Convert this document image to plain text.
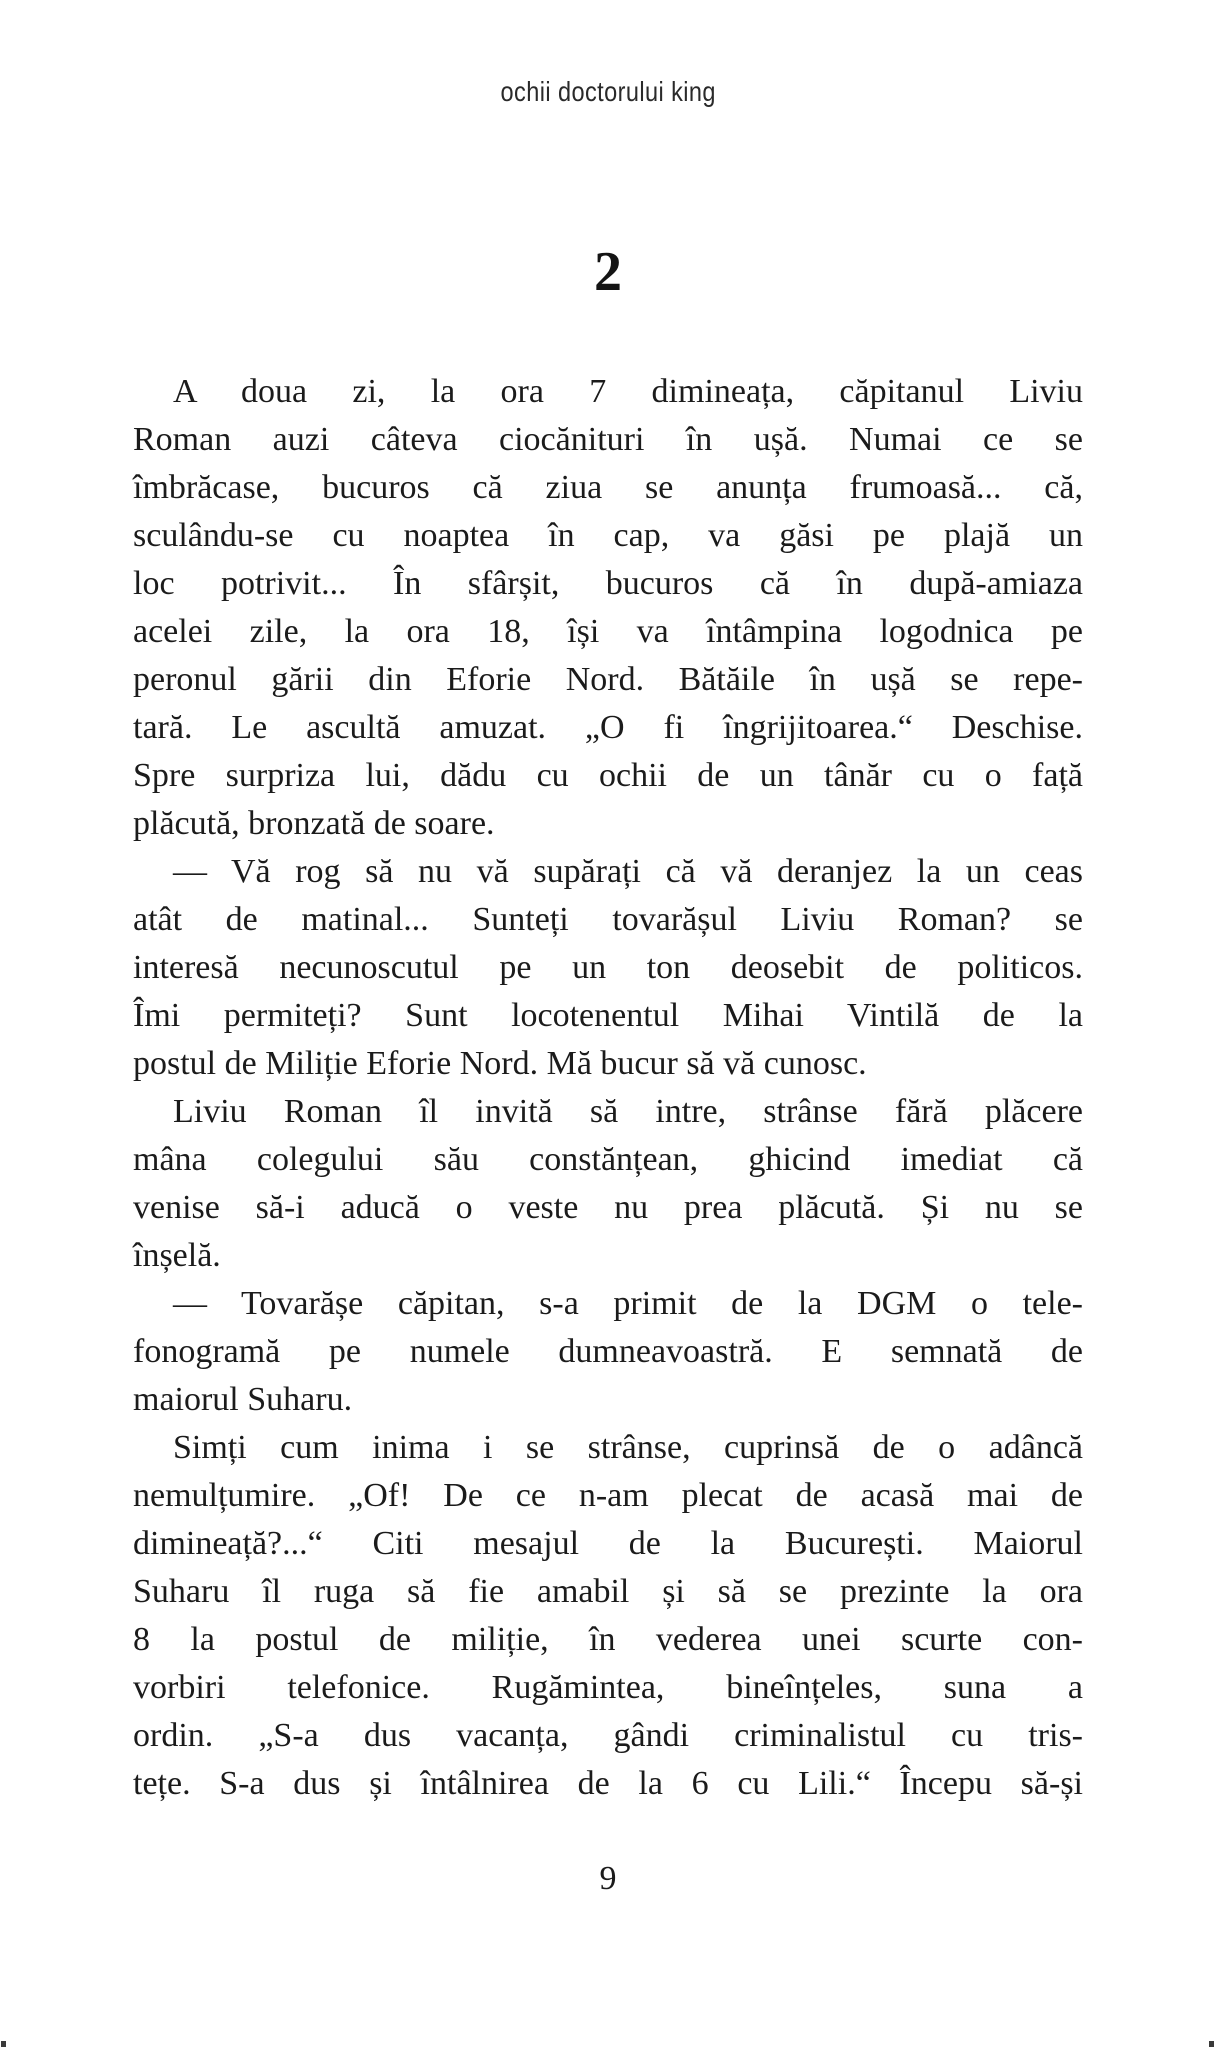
ochii doctorului king
2
A doua zi, la ora 7 dimineața, căpitanul Liviu
Roman auzi câteva ciocănituri în ușă. Numai ce se
îmbrăcase, bucuros că ziua se anunța frumoasă... că,
sculându-se cu noaptea în cap, va găsi pe plajă un
loc potrivit... În sfârșit, bucuros că în după-amiaza
acelei zile, la ora 18, își va întâmpina logodnica pe
peronul gării din Eforie Nord. Bătăile în ușă se repe-
tară. Le ascultă amuzat. „O fi îngrijitoarea.“ Deschise.
Spre surpriza lui, dădu cu ochii de un tânăr cu o față
plăcută, bronzată de soare.
— Vă rog să nu vă supărați că vă deranjez la un ceas
atât de matinal... Sunteți tovarășul Liviu Roman? se
interesă necunoscutul pe un ton deosebit de politicos.
Îmi permiteți? Sunt locotenentul Mihai Vintilă de la
postul de Miliție Eforie Nord. Mă bucur să vă cunosc.
Liviu Roman îl invită să intre, strânse fără plăcere
mâna colegului său constănțean, ghicind imediat că
venise să-i aducă o veste nu prea plăcută. Și nu se
înșelă.
— Tovarășe căpitan, s-a primit de la DGM o tele-
fonogramă pe numele dumneavoastră. E semnată de
maiorul Suharu.
Simți cum inima i se strânse, cuprinsă de o adâncă
nemulțumire. „Of! De ce n-am plecat de acasă mai de
dimineață?...“ Citi mesajul de la București. Maiorul
Suharu îl ruga să fie amabil și să se prezinte la ora
8 la postul de miliție, în vederea unei scurte con-
vorbiri telefonice. Rugămintea, bineînțeles, suna a
ordin. „S-a dus vacanța, gândi criminalistul cu tris-
tețe. S-a dus și întâlnirea de la 6 cu Lili.“ Începu să-și
9
